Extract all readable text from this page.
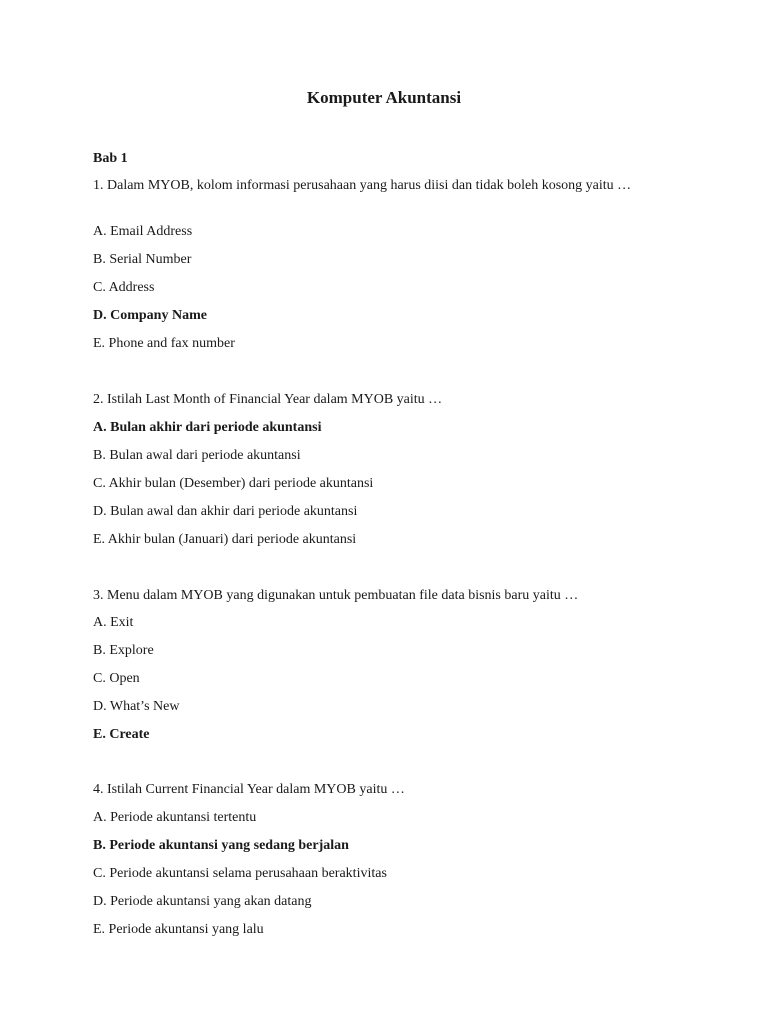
Komputer Akuntansi
Bab 1
1. Dalam MYOB, kolom informasi perusahaan yang harus diisi dan tidak boleh kosong yaitu …
A. Email Address
B. Serial Number
C. Address
D. Company Name
E. Phone and fax number
2. Istilah Last Month of Financial Year dalam MYOB yaitu …
A. Bulan akhir dari periode akuntansi
B. Bulan awal dari periode akuntansi
C. Akhir bulan (Desember) dari periode akuntansi
D. Bulan awal dan akhir dari periode akuntansi
E. Akhir bulan (Januari) dari periode akuntansi
3. Menu dalam MYOB yang digunakan untuk pembuatan file data bisnis baru yaitu …
A. Exit
B. Explore
C. Open
D. What’s New
E. Create
4. Istilah Current Financial Year dalam MYOB yaitu …
A. Periode akuntansi tertentu
B. Periode akuntansi yang sedang berjalan
C. Periode akuntansi selama perusahaan beraktivitas
D. Periode akuntansi yang akan datang
E. Periode akuntansi yang lalu
